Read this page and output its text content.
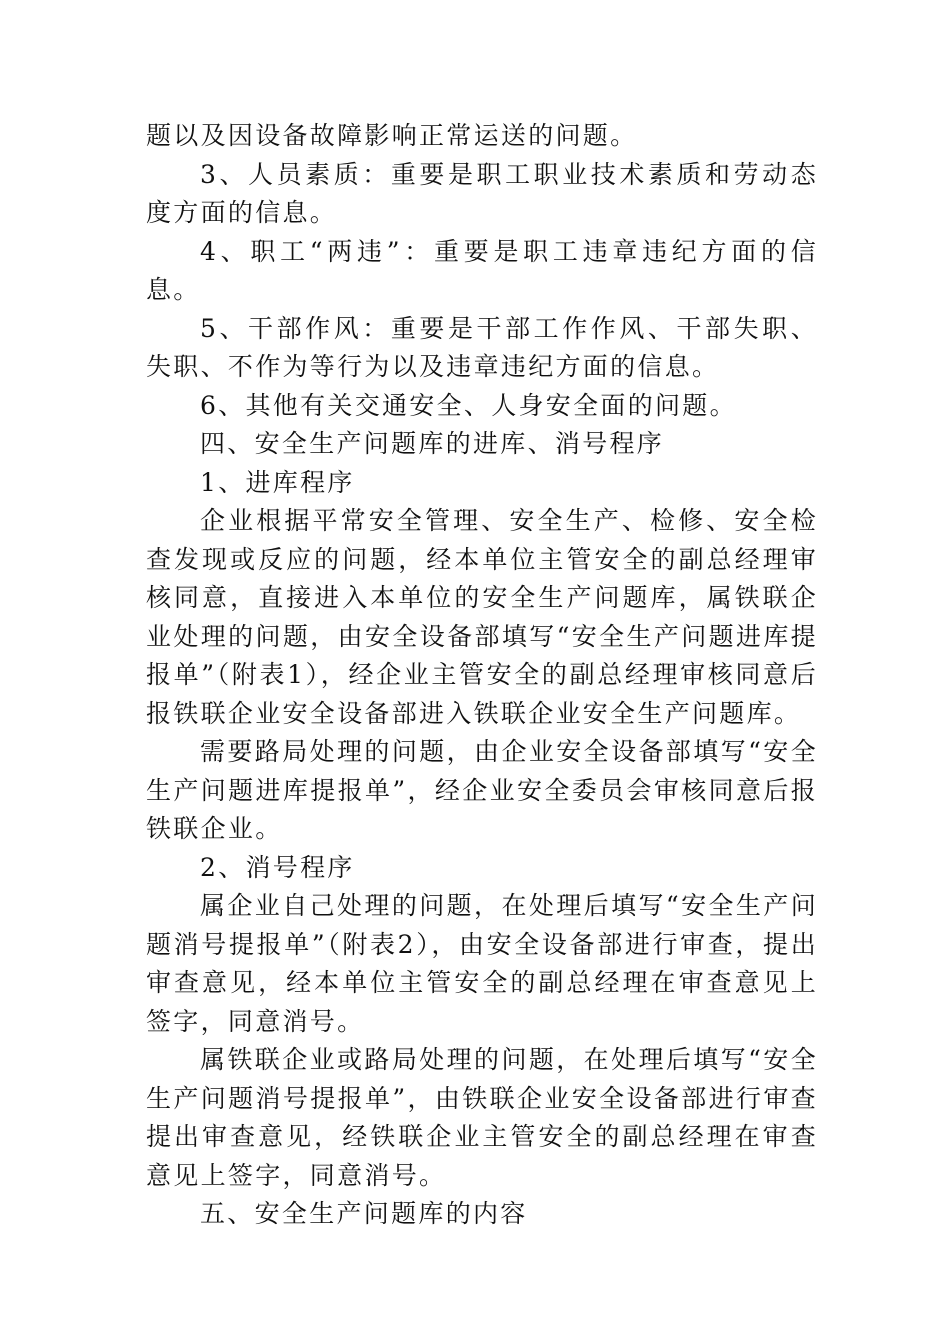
题以及因设备故障影响正常运送的问题。

3、人员素质：重要是职工职业技术素质和劳动态度方面的信息。

4、职工“两违”：重要是职工违章违纪方面的信息。

5、干部作风：重要是干部工作作风、干部失职、失职、不作为等行为以及违章违纪方面的信息。

6、其他有关交通安全、人身安全面的问题。

四、安全生产问题库的进库、消号程序

1、进库程序

企业根据平常安全管理、安全生产、检修、安全检查发现或反应的问题，经本单位主管安全的副总经理审核同意，直接进入本单位的安全生产问题库，属铁联企业处理的问题，由安全设备部填写“安全生产问题进库提报单”（附表1），经企业主管安全的副总经理审核同意后报铁联企业安全设备部进入铁联企业安全生产问题库。

需要路局处理的问题，由企业安全设备部填写“安全生产问题进库提报单”，经企业安全委员会审核同意后报铁联企业。

2、消号程序

属企业自己处理的问题，在处理后填写“安全生产问题消号提报单”（附表2），由安全设备部进行审查，提出审查意见，经本单位主管安全的副总经理在审查意见上签字，同意消号。

属铁联企业或路局处理的问题，在处理后填写“安全生产问题消号提报单”，由铁联企业安全设备部进行审查提出审查意见，经铁联企业主管安全的副总经理在审查意见上签字，同意消号。

五、安全生产问题库的内容
